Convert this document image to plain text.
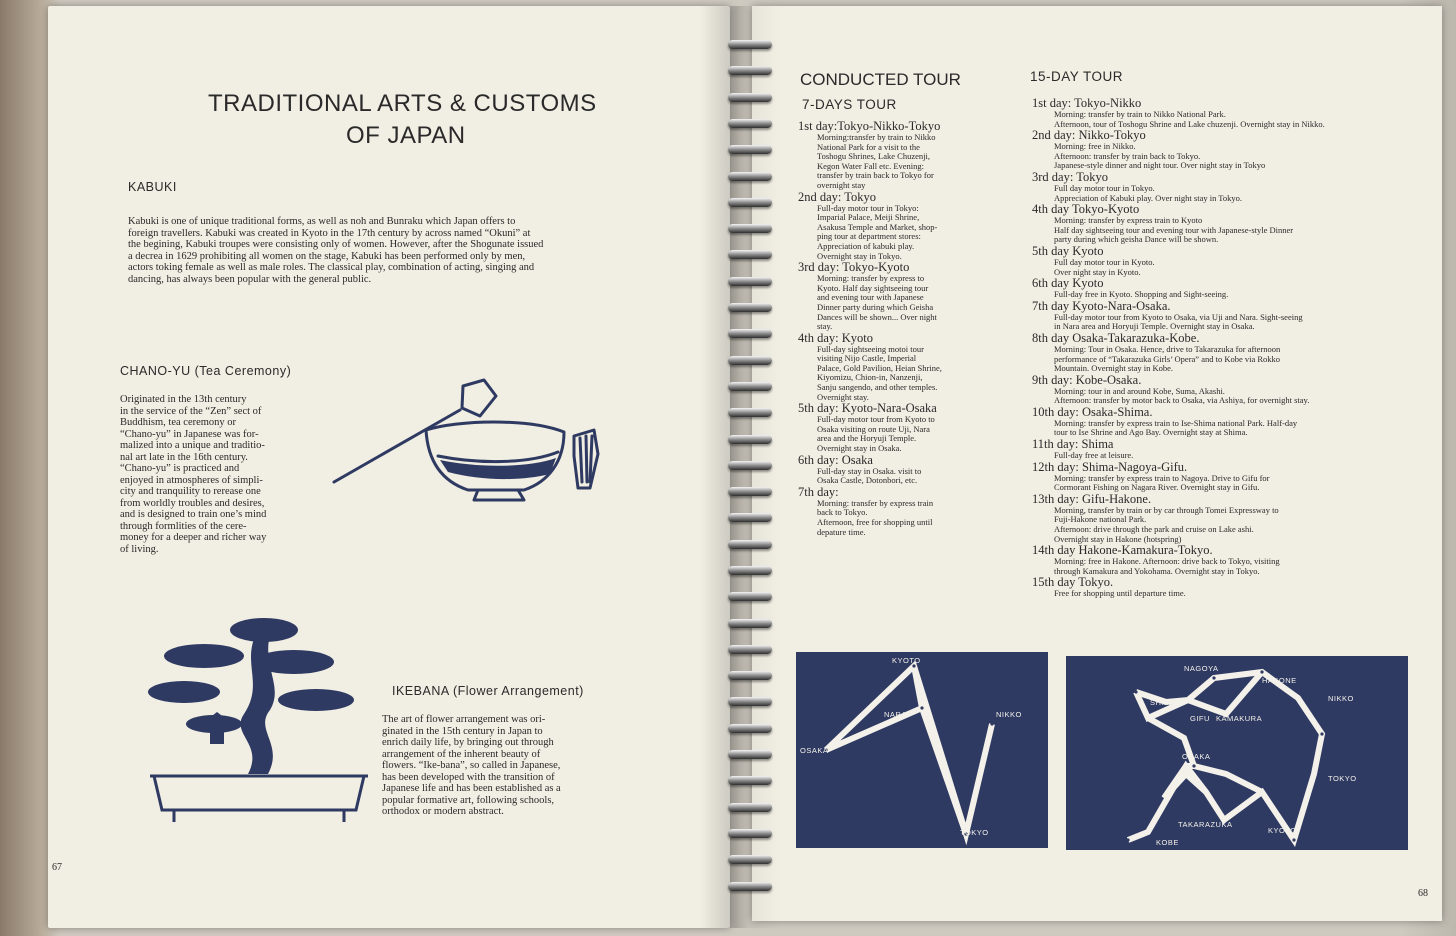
TRADITIONAL ARTS & CUSTOMS
OF JAPAN
KABUKI
Kabuki is one of unique traditional forms, as well as noh and Bunraku which Japan offers to
foreign travellers. Kabuki was created in Kyoto in the 17th century by across named “Okuni” at
the begining, Kabuki troupes were consisting only of women. However, after the Shogunate issued
a decrea in 1629 prohibiting all women on the stage, Kabuki has been performed only by men,
actors toking female as well as male roles. The classical play, combination of acting, singing and
dancing, has always been popular with the general public.
CHANO-YU (Tea Ceremony)
Originated in the 13th century
in the service of the “Zen” sect of
Buddhism, tea ceremony or
“Chano-yu” in Japanese was for-
malized into a unique and traditio-
nal art late in the 16th century.
“Chano-yu” is practiced and
enjoyed in atmospheres of simpli-
city and tranquility to rerease one
from worldly troubles and desires,
and is designed to train one’s mind
through formlities of the cere-
money for a deeper and richer way
of living.
IKEBANA (Flower Arrangement)
The art of flower arrangement was ori-
ginated in the 15th century in Japan to
enrich daily life, by bringing out through
arrangement of the inherent beauty of
flowers. “Ike-bana”, so called in Japanese,
has been developed with the transition of
Japanese life and has been established as a
popular formative art, following schools,
orthodox or modern abstract.
67
CONDUCTED TOUR
7-DAYS TOUR
15-DAY TOUR
1st day:Tokyo-Nikko-Tokyo
Morning:transfer by train to Nikko
National Park for a visit to the
Toshogu Shrines, Lake Chuzenji,
Kegon Water Fall etc. Evening:
transfer by train back to Tokyo for
overnight stay
2nd day: Tokyo
Full-day motor tour in Tokyo:
Imparial Palace, Meiji Shrine,
Asakusa Temple and Market, shop-
ping tour at department stores:
Appreciation of kabuki play.
Overnight stay in Tokyo.
3rd day: Tokyo-Kyoto
Morning: transfer by express to
Kyoto. Half day sightseeing tour
and evening tour with Japanese
Dinner party during which Geisha
Dances will be shown... Over night
stay.
4th day: Kyoto
Full-day sightseeing motoi tour
visiting Nijo Castle, Imperial
Palace, Gold Pavilion, Heian Shrine,
Kiyomizu, Chion-in, Nanzenji,
Sanju sangendo, and other temples.
Overnight stay.
5th day: Kyoto-Nara-Osaka
Full-day motor tour from Kyoto to
Osaka visiting on route Uji, Nara
area and the Horyuji Temple.
Overnight stay in Osaka.
6th day: Osaka
Full-day stay in Osaka. visit to
Osaka Castle, Dotonbori, etc.
7th day:
Morning: transfer by express train
back to Tokyo.
Afternoon, free for shopping until
depature time.
1st day: Tokyo-Nikko
Morning: transfer by train to Nikko National Park.
Afternoon, tour of Toshogu Shrine and Lake chuzenji. Overnight stay in Nikko.
2nd day: Nikko-Tokyo
Morning: free in Nikko.
Afternoon: transfer by train back to Tokyo.
Japanese-style dinner and night tour. Over night stay in Tokyo
3rd day: Tokyo
Full day motor tour in Tokyo.
Appreciation of Kabuki play. Over night stay in Tokyo.
4th day Tokyo-Kyoto
Morning: transfer by express train to Kyoto
Half day sightseeing tour and evening tour with Japanese-style Dinner
party during which geisha Dance will be shown.
5th day Kyoto
Full day motor tour in Kyoto.
Over night stay in Kyoto.
6th day Kyoto
Full-day free in Kyoto. Shopping and Sight-seeing.
7th day Kyoto-Nara-Osaka.
Full-day motor tour from Kyoto to Osaka, via Uji and Nara. Sight-seeing
in Nara area and Horyuji Temple. Overnight stay in Osaka.
8th day Osaka-Takarazuka-Kobe.
Morning: Tour in Osaka. Hence, drive to Takarazuka for afternoon
performance of “Takarazuka Girls’ Opera” and to Kobe via Rokko
Mountain. Overnight stay in Kobe.
9th day: Kobe-Osaka.
Morning: tour in and around Kobe, Suma, Akashi.
Afternoon: transfer by motor back to Osaka, via Ashiya, for overnight stay.
10th day: Osaka-Shima.
Morning: transfer by express train to Ise-Shima national Park. Half-day
tour to Ise Shrine and Ago Bay. Overnight stay at Shima.
11th day: Shima
Full-day free at leisure.
12th day: Shima-Nagoya-Gifu.
Morning: transfer by express train to Nagoya. Drive to Gifu for
Cormorant Fishing on Nagara River. Overnight stay in Gifu.
13th day: Gifu-Hakone.
Morning, transfer by train or by car through Tomei Expressway to
Fuji-Hakone national Park.
Afternoon: drive through the park and cruise on Lake ashi.
Overnight stay in Hakone (hotspring)
14th day Hakone-Kamakura-Tokyo.
Morning: free in Hakone. Afternoon: drive back to Tokyo, visiting
through Kamakura and Yokohama. Overnight stay in Tokyo.
15th day Tokyo.
Free for shopping until departure time.
KYOTO
NARA	NIKKO
OSAKA
TOKYO
NAGOYA
HAKONE
NIKKO
SHIMA
GIFU KAMAKURA
OSAKA
TOKYO
TAKARAZUKA
KYOTO
KOBE
68
